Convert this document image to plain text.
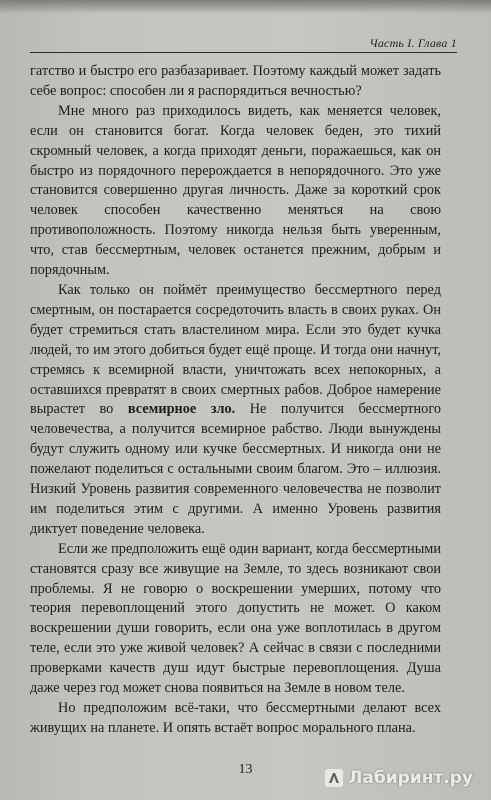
Часть I. Глава 1

гатство и быстро его разбазаривает. Поэтому каждый может задать себе вопрос: способен ли я распорядиться вечностью?

Мне много раз приходилось видеть, как меняется человек, если он становится богат. Когда человек беден, это тихий скромный человек, а когда приходят деньги, поражаешься, как он быстро из порядочного перерождается в непорядочного. Это уже становится совершенно другая личность. Даже за короткий срок человек способен качественно меняться на свою противоположность. Поэтому никогда нельзя быть уверенным, что, став бессмертным, человек останется прежним, добрым и порядочным.

Как только он поймёт преимущество бессмертного перед смертным, он постарается сосредоточить власть в своих руках. Он будет стремиться стать властелином мира. Если это будет кучка людей, то им этого добиться будет ещё проще. И тогда они начнут, стремясь к всемирной власти, уничтожать всех непокорных, а оставшихся превратят в своих смертных рабов. Доброе намерение вырастет во всемирное зло. Не получится бессмертного человечества, а получится всемирное рабство. Люди вынуждены будут служить одному или кучке бессмертных. И никогда они не пожелают поделиться с остальными своим благом. Это – иллюзия. Низкий Уровень развития современного человечества не позволит им поделиться этим с другими. А именно Уровень развития диктует поведение человека.

Если же предположить ещё один вариант, когда бессмертными становятся сразу все живущие на Земле, то здесь возникают свои проблемы. Я не говорю о воскрешении умерших, потому что теория перевоплощений этого допустить не может. О каком воскрешении души говорить, если она уже воплотилась в другом теле, если это уже живой человек? А сейчас в связи с последними проверками качеств душ идут быстрые перевоплощения. Душа даже через год может снова появиться на Земле в новом теле.

Но предположим всё-таки, что бессмертными делают всех живущих на планете. И опять встаёт вопрос морального плана.

13	Лабиринт.ру
